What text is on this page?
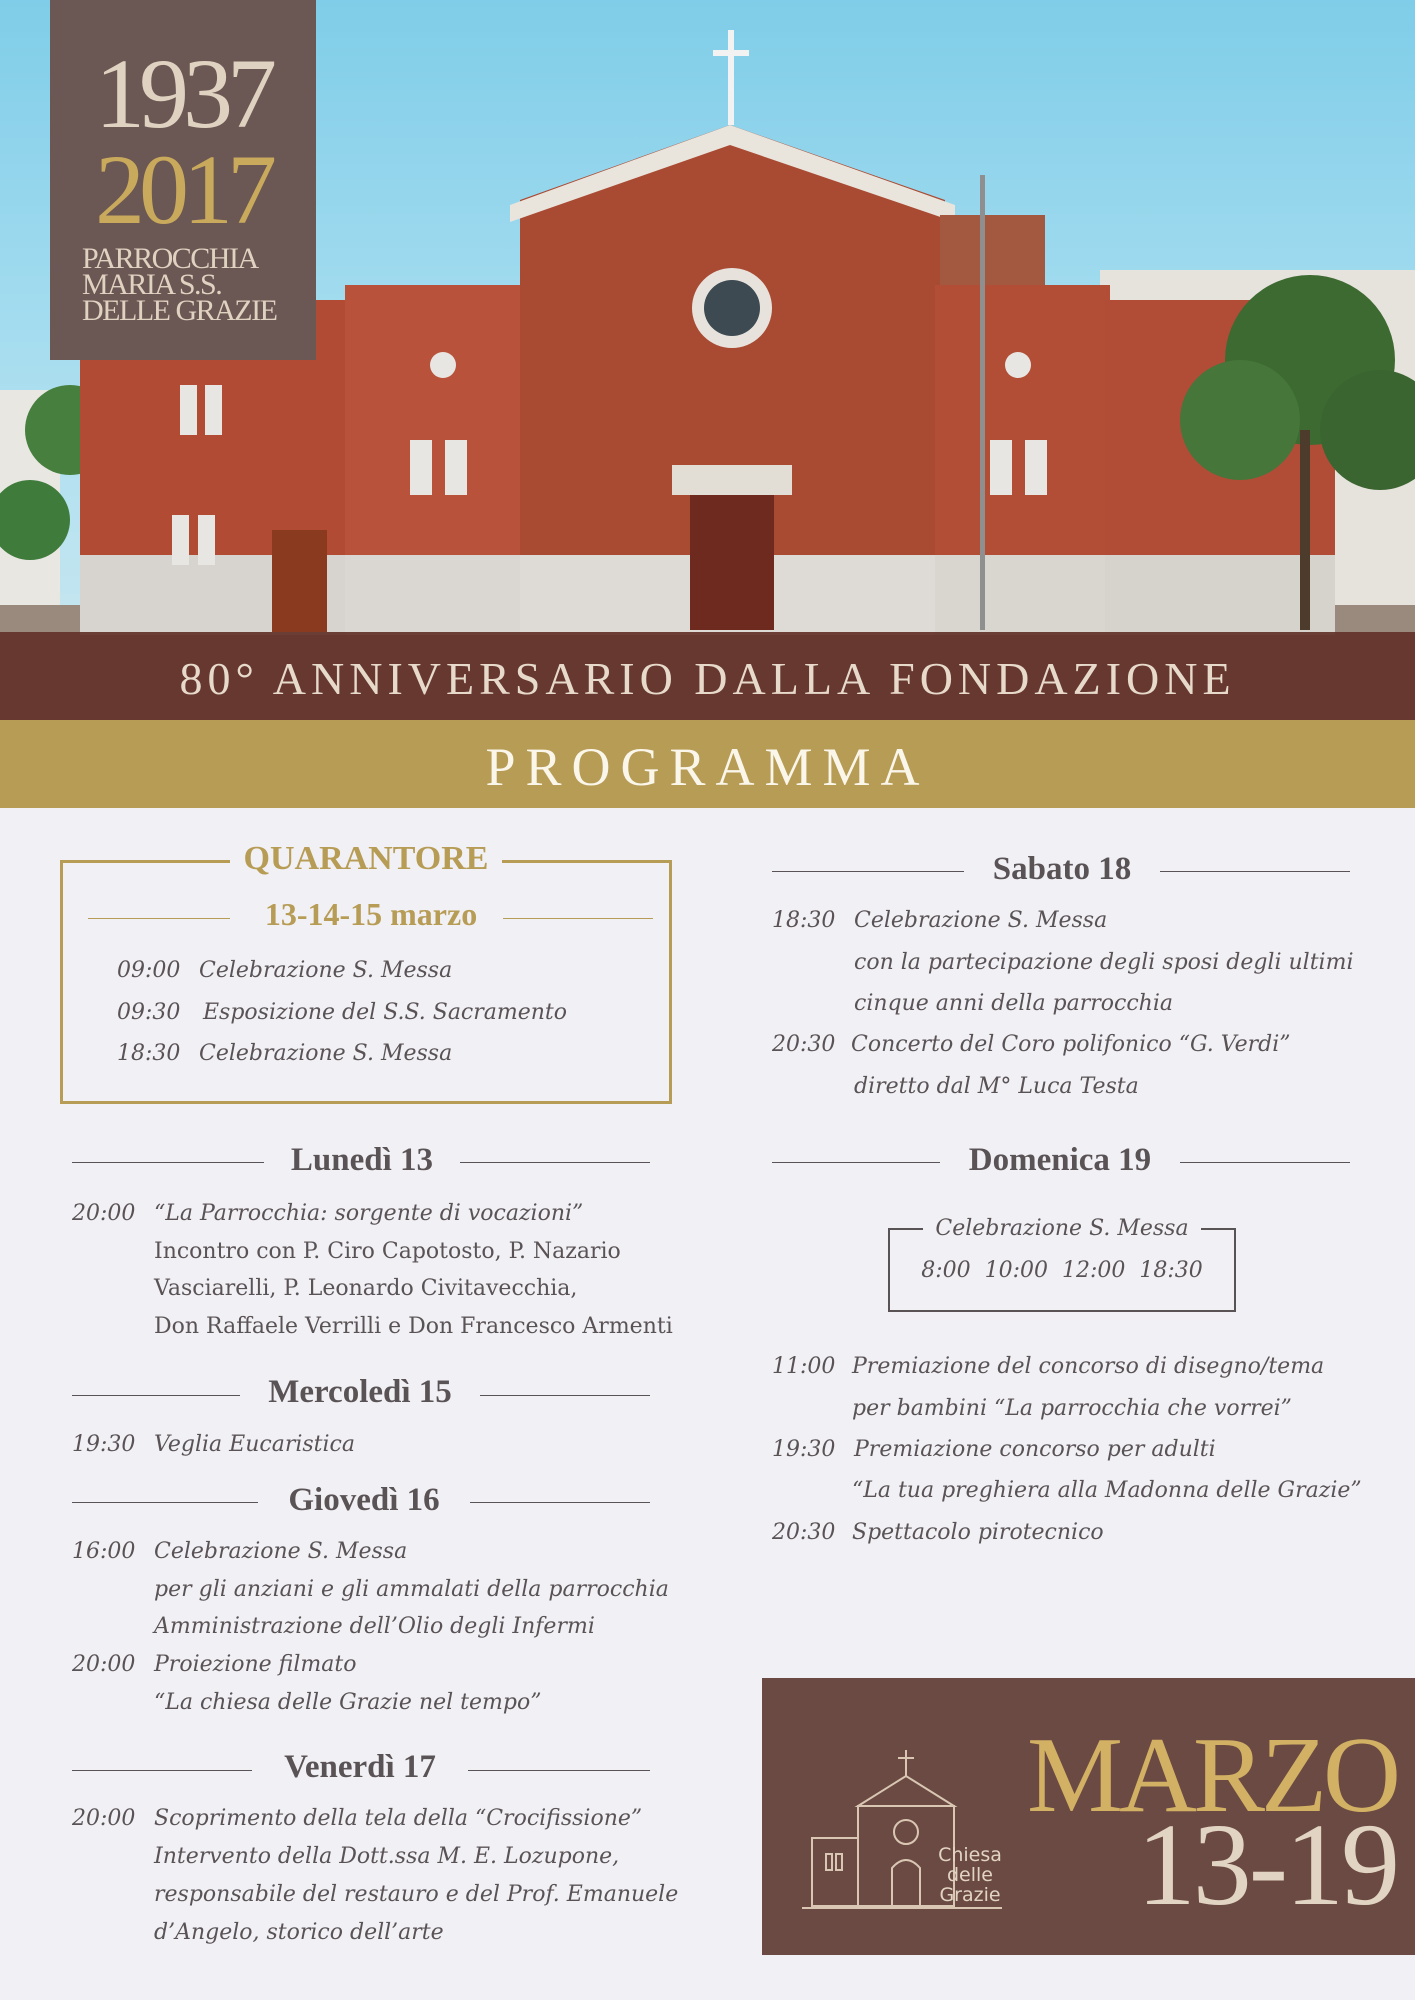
1937
2017
PARROCCHIA
MARIA S.S.
DELLE GRAZIE
80° ANNIVERSARIO DALLA FONDAZIONE
PROGRAMMA
QUARANTORE
13-14-15 marzo
09:00 Celebrazione S. Messa
09:30 Esposizione del S.S. Sacramento
18:30 Celebrazione S. Messa
Lunedì 13
20:00 “La Parrocchia: sorgente di vocazioni”
Incontro con P. Ciro Capotosto, P. Nazario
Vasciarelli, P. Leonardo Civitavecchia,
Don Raffaele Verrilli e Don Francesco Armenti
Mercoledì 15
19:30 Veglia Eucaristica
Giovedì 16
16:00 Celebrazione S. Messa
per gli anziani e gli ammalati della parrocchia
Amministrazione dell’Olio degli Infermi
20:00 Proiezione filmato
“La chiesa delle Grazie nel tempo”
Venerdì 17
20:00 Scoprimento della tela della “Crocifissione”
Intervento della Dott.ssa M. E. Lozupone,
responsabile del restauro e del Prof. Emanuele
d’Angelo, storico dell’arte
Sabato 18
18:30 Celebrazione S. Messa
con la partecipazione degli sposi degli ultimi
cinque anni della parrocchia
20:30 Concerto del Coro polifonico “G. Verdi”
diretto dal M° Luca Testa
Domenica 19
Celebrazione S. Messa
8:00  10:00  12:00  18:30
11:00 Premiazione del concorso di disegno/tema
per bambini “La parrocchia che vorrei”
19:30 Premiazione concorso per adulti
“La tua preghiera alla Madonna delle Grazie”
20:30 Spettacolo pirotecnico
Chiesa
delle
Grazie
MARZO
13-19
